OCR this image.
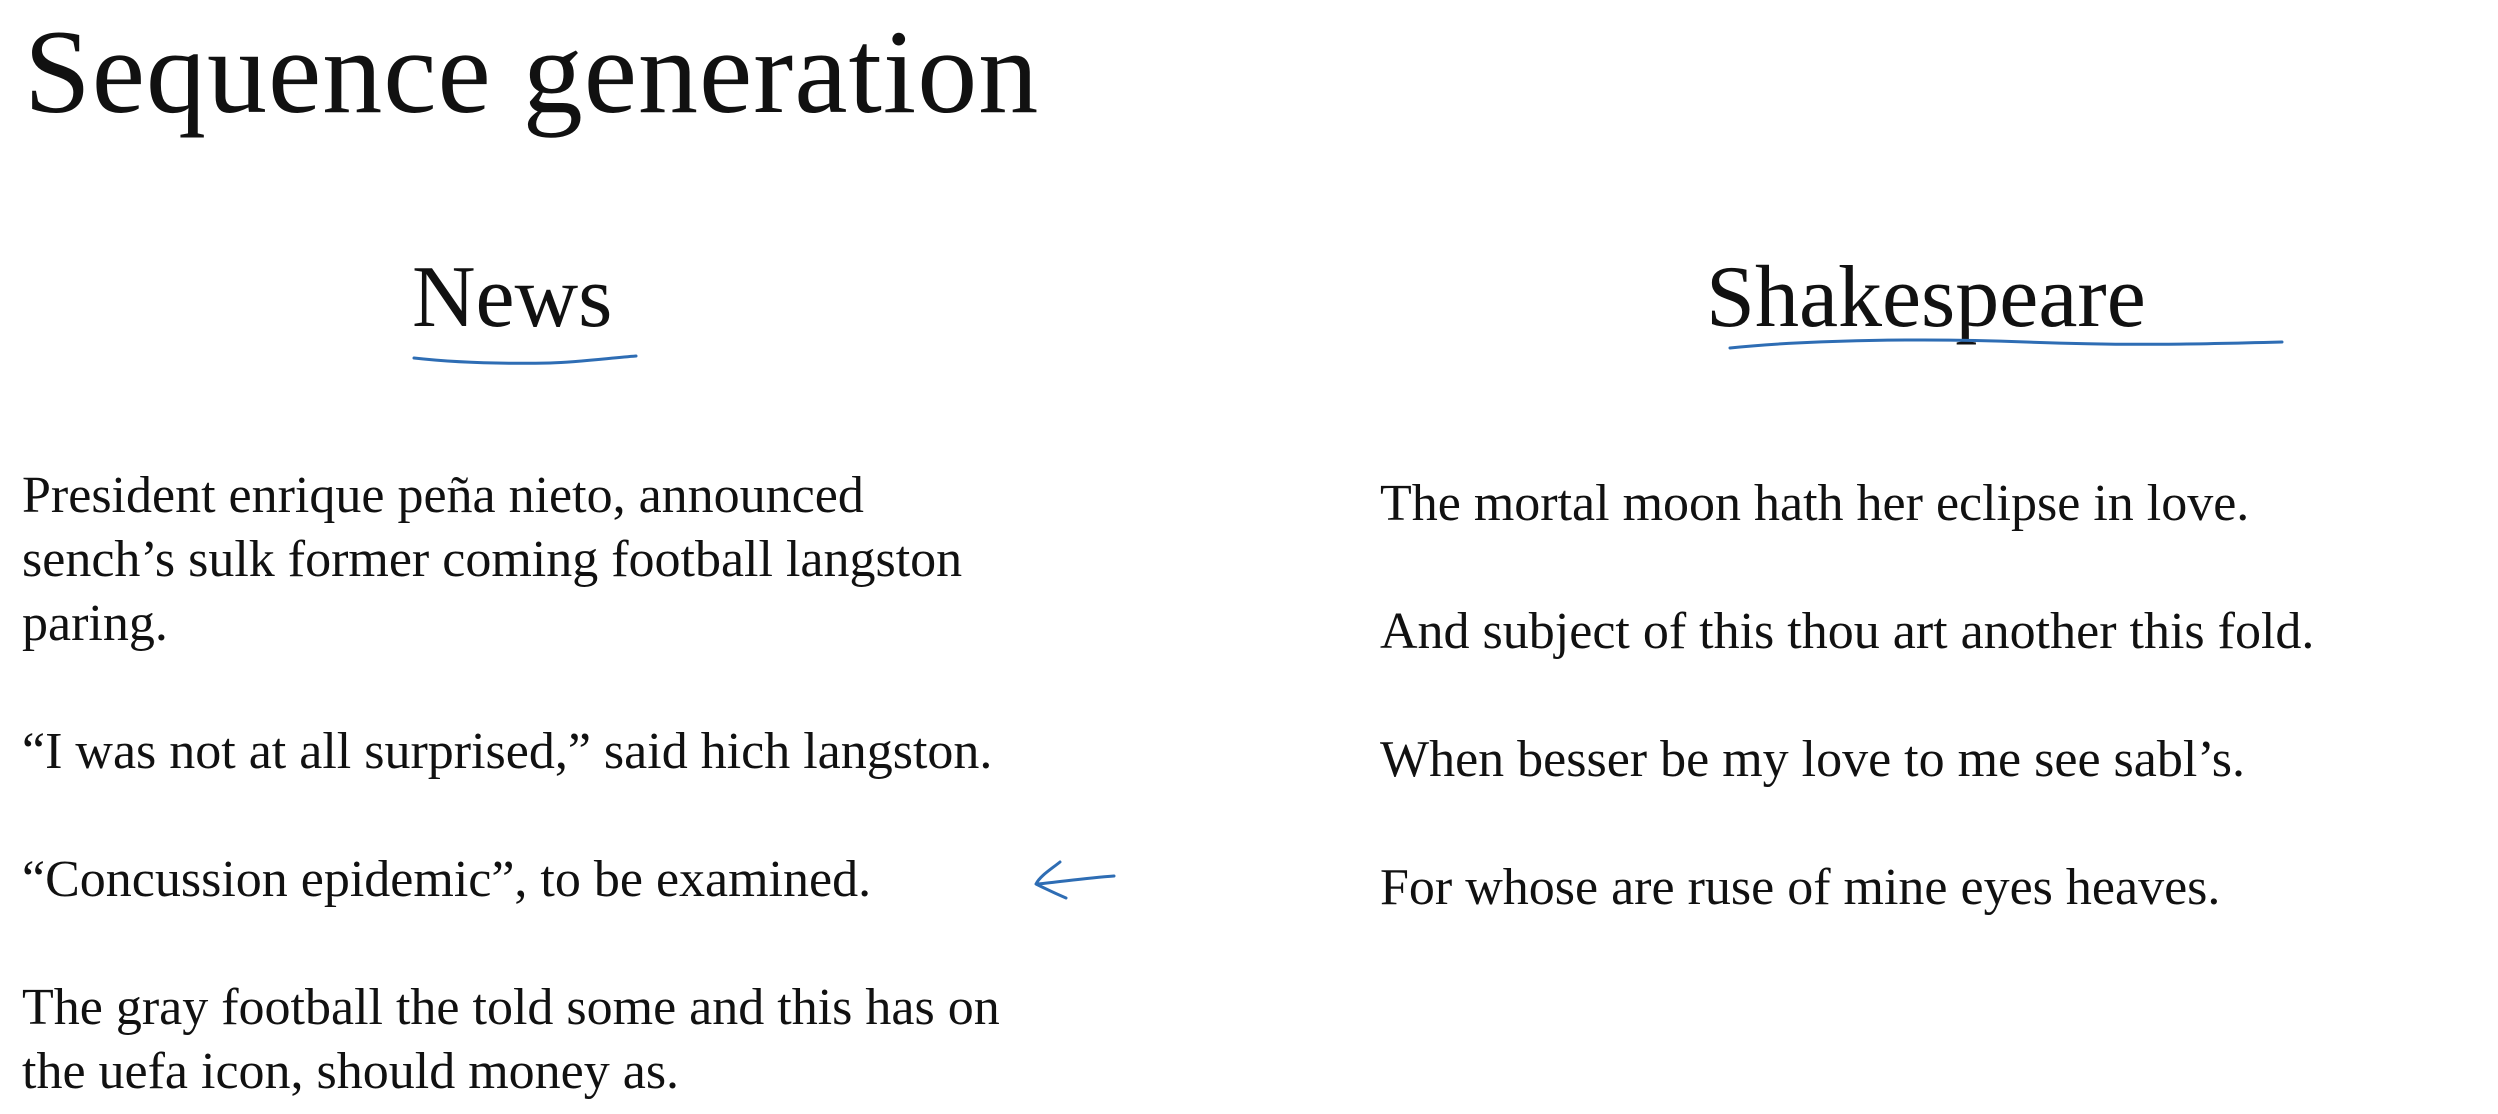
Sequence generation
News

President enrique peña nieto, announced
sench’s sulk former coming football langston
paring.

“I was not at all surprised,” said hich langston.

“Concussion epidemic”, to be examined.

The gray football the told some and this has on
the uefa icon, should money as.

Shakespeare

The mortal moon hath her eclipse in love.

And subject of this thou art another this fold.

When besser be my love to me see sabl’s.

For whose are ruse of mine eyes heaves.
